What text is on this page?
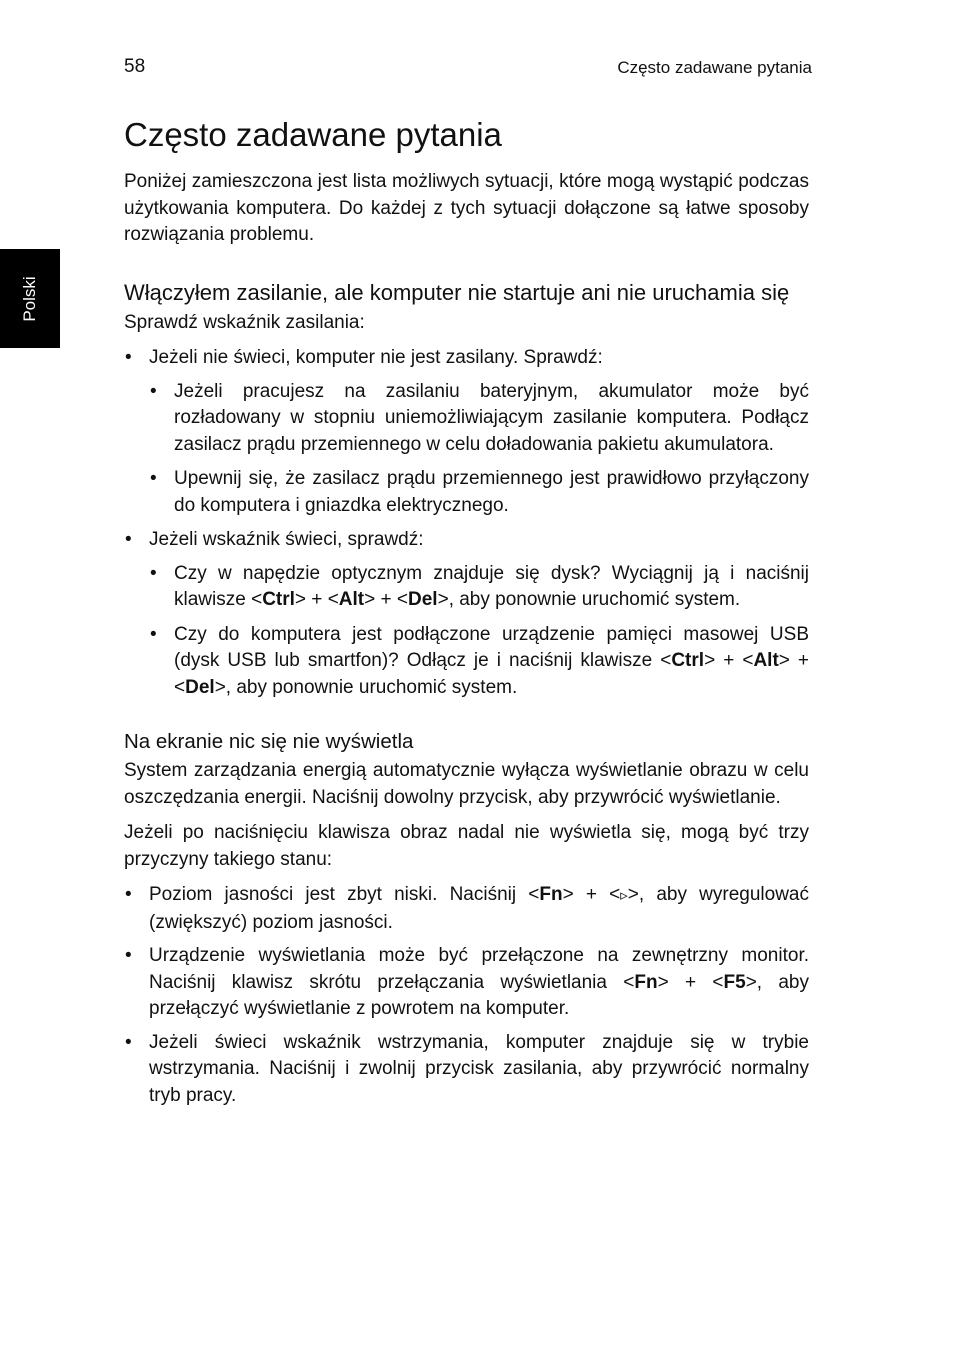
58	Często zadawane pytania
Polski
Często zadawane pytania

Poniżej zamieszczona jest lista możliwych sytuacji, które mogą wystąpić podczas użytkowania komputera. Do każdej z tych sytuacji dołączone są łatwe sposoby rozwiązania problemu.

Włączyłem zasilanie, ale komputer nie startuje ani nie uruchamia się

Sprawdź wskaźnik zasilania:

• Jeżeli nie świeci, komputer nie jest zasilany. Sprawdź:
• Jeżeli pracujesz na zasilaniu bateryjnym, akumulator może być rozładowany w stopniu uniemożliwiającym zasilanie komputera. Podłącz zasilacz prądu przemiennego w celu doładowania pakietu akumulatora.
• Upewnij się, że zasilacz prądu przemiennego jest prawidłowo przyłączony do komputera i gniazdka elektrycznego.
• Jeżeli wskaźnik świeci, sprawdź:
• Czy w napędzie optycznym znajduje się dysk? Wyciągnij ją i naciśnij klawisze <Ctrl> + <Alt> + <Del>, aby ponownie uruchomić system.
• Czy do komputera jest podłączone urządzenie pamięci masowej USB (dysk USB lub smartfon)? Odłącz je i naciśnij klawisze <Ctrl> + <Alt> + <Del>, aby ponownie uruchomić system.
Na ekranie nic się nie wyświetla

System zarządzania energią automatycznie wyłącza wyświetlanie obrazu w celu oszczędzania energii. Naciśnij dowolny przycisk, aby przywrócić wyświetlanie.

Jeżeli po naciśnięciu klawisza obraz nadal nie wyświetla się, mogą być trzy przyczyny takiego stanu:

• Poziom jasności jest zbyt niski. Naciśnij <Fn> + <▹>, aby wyregulować (zwiększyć) poziom jasności.
• Urządzenie wyświetlania może być przełączone na zewnętrzny monitor. Naciśnij klawisz skrótu przełączania wyświetlania <Fn> + <F5>, aby przełączyć wyświetlanie z powrotem na komputer.
• Jeżeli świeci wskaźnik wstrzymania, komputer znajduje się w trybie wstrzymania. Naciśnij i zwolnij przycisk zasilania, aby przywrócić normalny tryb pracy.
